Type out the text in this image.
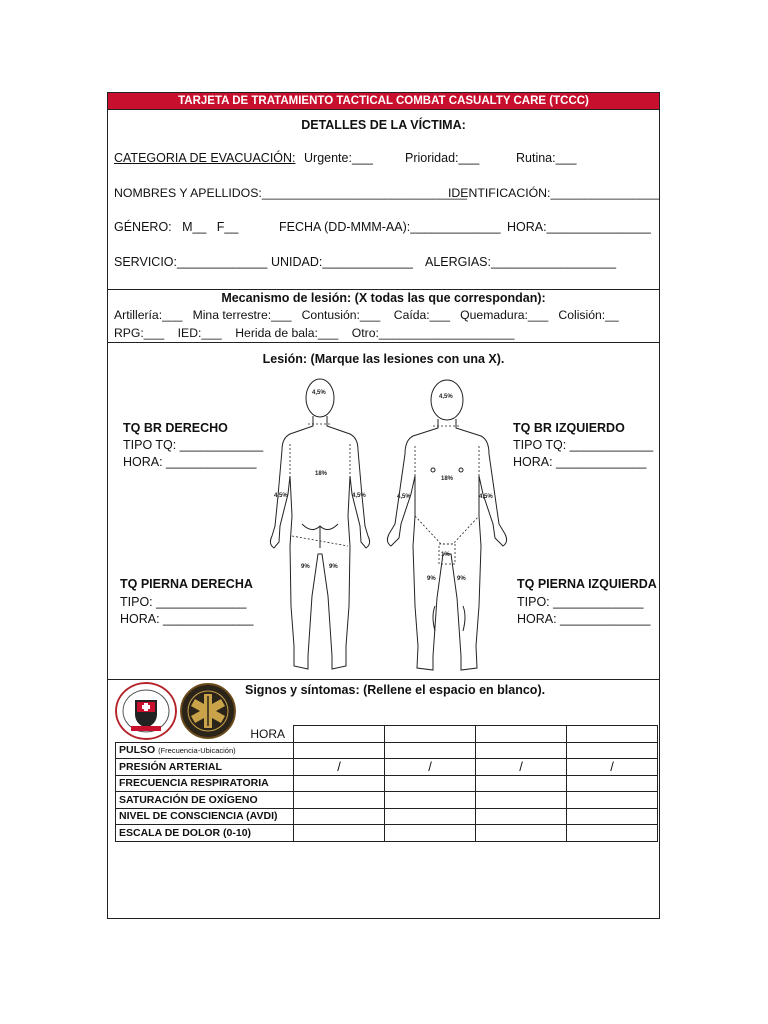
TARJETA DE TRATAMIENTO TACTICAL COMBAT CASUALTY CARE (TCCC)
DETALLES DE LA VÍCTIMA:
CATEGORIA DE EVACUACIÓN: Urgente:___	Prioridad:___	Rutina:___
NOMBRES Y APELLIDOS:______________________________
IDENTIFICACIÓN:________________
GÉNERO:   M__   F__	FECHA (DD-MMM-AA):_____________ HORA:_______________
SERVICIO:_____________ UNIDAD:_____________ ALERGIAS:__________________
Mecanismo de lesión: (X todas las que correspondan):
Artillería:___   Mina terrestre:___   Contusión:___    Caída:___   Quemadura:___   Colisión:__
RPG:___    IED:___    Herida de bala:___    Otro:____________________
Lesión: (Marque las lesiones con una X).
TQ BR DERECHO
TIPO TQ: ____________
HORA: _____________
TQ BR IZQUIERDO
TIPO TQ: ____________
HORA: _____________
TQ PIERNA DERECHA
TIPO: _____________
HORA: _____________
TQ PIERNA IZQUIERDA
TIPO: _____________
HORA: _____________
4,5%
18%
4,5%	4,5%
9%	9%
4,5%
18%
4,5%	4,5%
1%
9%	9%
Signos y síntomas: (Rellene el espacio en blanco).
HORA				
PULSO (Frecuencia-Ubicación)				
PRESIÓN ARTERIAL	/	/	/	/
FRECUENCIA RESPIRATORIA				
SATURACIÓN DE OXÍGENO				
NIVEL DE CONSCIENCIA (AVDI)				
ESCALA DE DOLOR (0-10)				
